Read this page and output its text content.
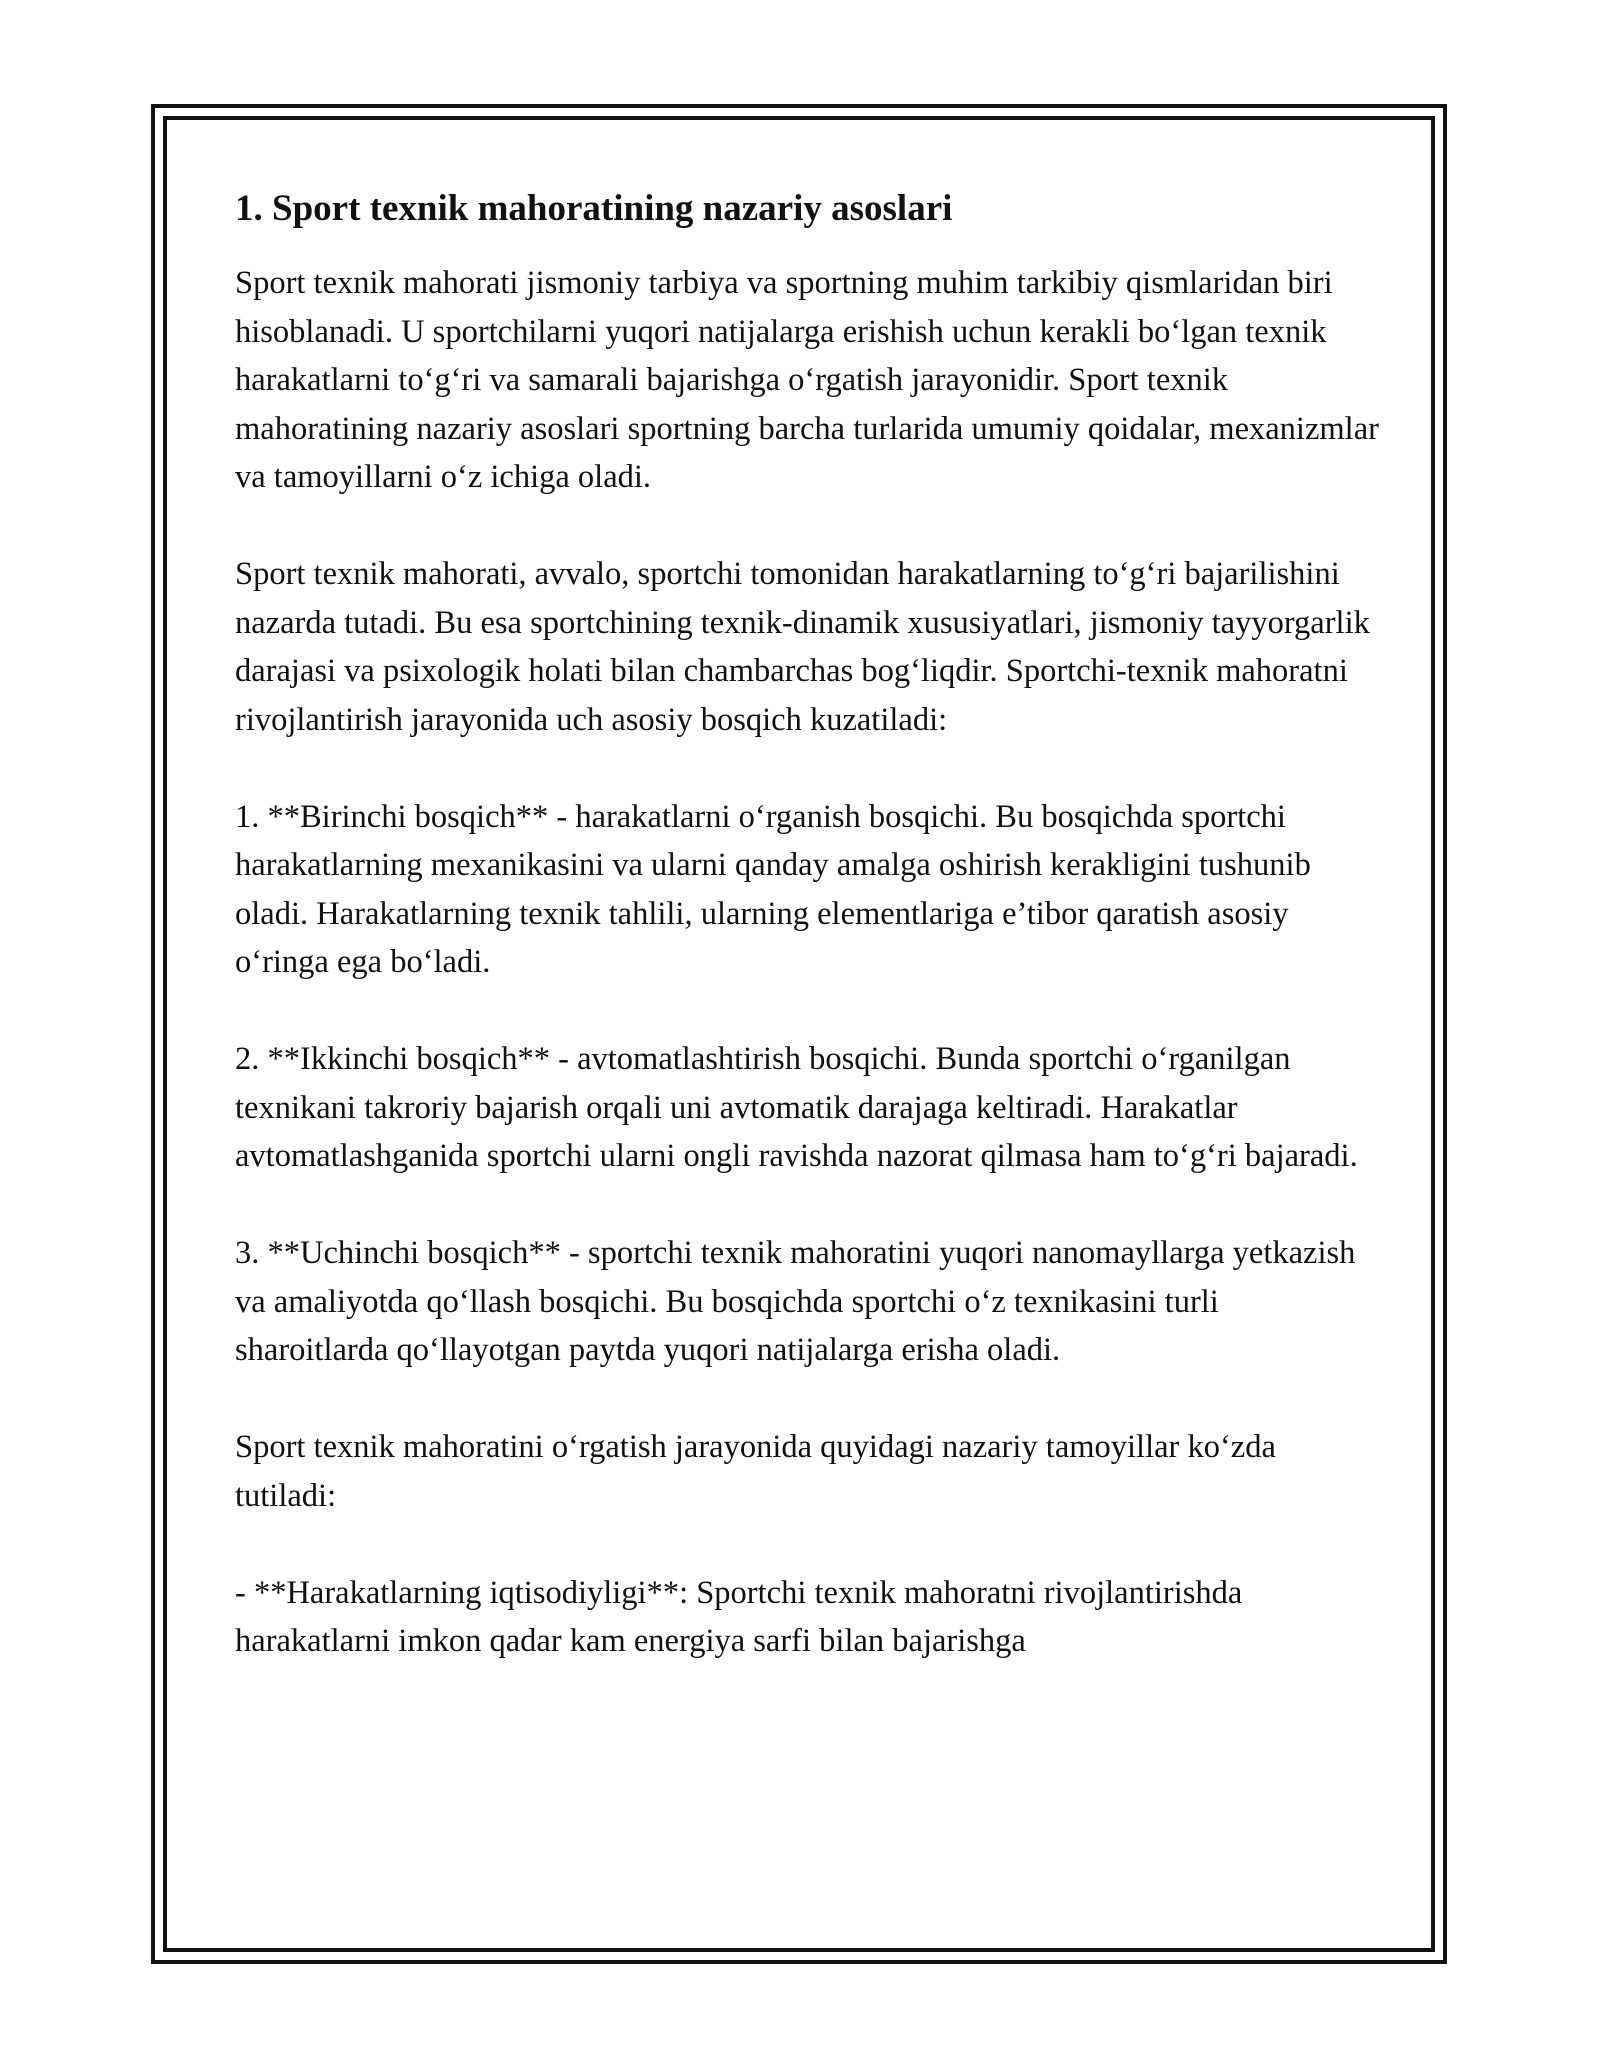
1. Sport texnik mahoratining nazariy asoslari

Sport texnik mahorati jismoniy tarbiya va sportning muhim tarkibiy qismlaridan biri hisoblanadi. U sportchilarni yuqori natijalarga erishish uchun kerakli bo‘lgan texnik harakatlarni to‘g‘ri va samarali bajarishga o‘rgatish jarayonidir. Sport texnik mahoratining nazariy asoslari sportning barcha turlarida umumiy qoidalar, mexanizmlar va tamoyillarni o‘z ichiga oladi.

Sport texnik mahorati, avvalo, sportchi tomonidan harakatlarning to‘g‘ri bajarilishini nazarda tutadi. Bu esa sportchining texnik-dinamik xususiyatlari, jismoniy tayyorgarlik darajasi va psixologik holati bilan chambarchas bog‘liqdir. Sportchi-texnik mahoratni rivojlantirish jarayonida uch asosiy bosqich kuzatiladi:

1. **Birinchi bosqich** - harakatlarni o‘rganish bosqichi. Bu bosqichda sportchi harakatlarning mexanikasini va ularni qanday amalga oshirish kerakligini tushunib oladi. Harakatlarning texnik tahlili, ularning elementlariga e’tibor qaratish asosiy o‘ringa ega bo‘ladi.

2. **Ikkinchi bosqich** - avtomatlashtirish bosqichi. Bunda sportchi o‘rganilgan texnikani takroriy bajarish orqali uni avtomatik darajaga keltiradi. Harakatlar avtomatlashganida sportchi ularni ongli ravishda nazorat qilmasa ham to‘g‘ri bajaradi.

3. **Uchinchi bosqich** - sportchi texnik mahoratini yuqori nanomayllarga yetkazish va amaliyotda qo‘llash bosqichi. Bu bosqichda sportchi o‘z texnikasini turli sharoitlarda qo‘llayotgan paytda yuqori natijalarga erisha oladi.

Sport texnik mahoratini o‘rgatish jarayonida quyidagi nazariy tamoyillar ko‘zda tutiladi:

- **Harakatlarning iqtisodiyligi**: Sportchi texnik mahoratni rivojlantirishda harakatlarni imkon qadar kam energiya sarfi bilan bajarishga
